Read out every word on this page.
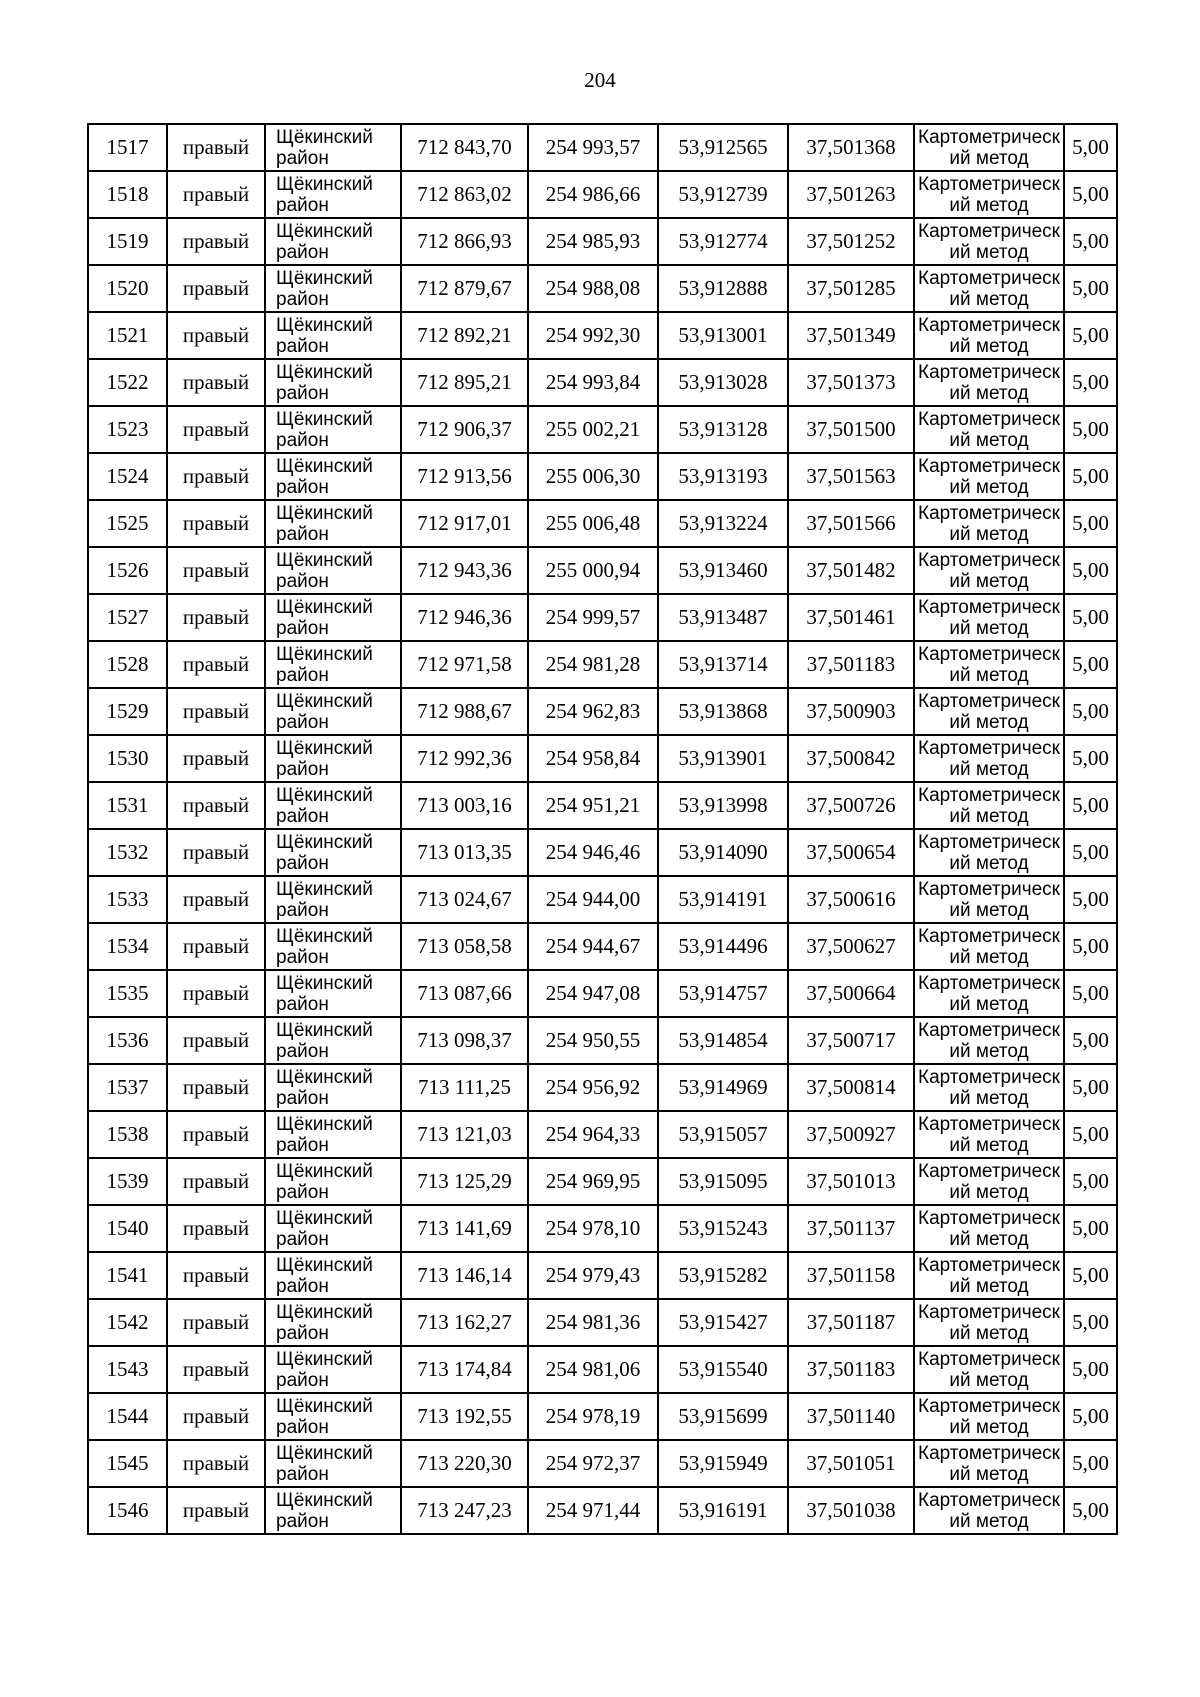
204
1517	правый	Щёкинский район	712 843,70	254 993,57	53,912565	37,501368	Картометрическ ий метод	5,00
1518	правый	Щёкинский район	712 863,02	254 986,66	53,912739	37,501263	Картометрическ ий метод	5,00
1519	правый	Щёкинский район	712 866,93	254 985,93	53,912774	37,501252	Картометрическ ий метод	5,00
1520	правый	Щёкинский район	712 879,67	254 988,08	53,912888	37,501285	Картометрическ ий метод	5,00
1521	правый	Щёкинский район	712 892,21	254 992,30	53,913001	37,501349	Картометрическ ий метод	5,00
1522	правый	Щёкинский район	712 895,21	254 993,84	53,913028	37,501373	Картометрическ ий метод	5,00
1523	правый	Щёкинский район	712 906,37	255 002,21	53,913128	37,501500	Картометрическ ий метод	5,00
1524	правый	Щёкинский район	712 913,56	255 006,30	53,913193	37,501563	Картометрическ ий метод	5,00
1525	правый	Щёкинский район	712 917,01	255 006,48	53,913224	37,501566	Картометрическ ий метод	5,00
1526	правый	Щёкинский район	712 943,36	255 000,94	53,913460	37,501482	Картометрическ ий метод	5,00
1527	правый	Щёкинский район	712 946,36	254 999,57	53,913487	37,501461	Картометрическ ий метод	5,00
1528	правый	Щёкинский район	712 971,58	254 981,28	53,913714	37,501183	Картометрическ ий метод	5,00
1529	правый	Щёкинский район	712 988,67	254 962,83	53,913868	37,500903	Картометрическ ий метод	5,00
1530	правый	Щёкинский район	712 992,36	254 958,84	53,913901	37,500842	Картометрическ ий метод	5,00
1531	правый	Щёкинский район	713 003,16	254 951,21	53,913998	37,500726	Картометрическ ий метод	5,00
1532	правый	Щёкинский район	713 013,35	254 946,46	53,914090	37,500654	Картометрическ ий метод	5,00
1533	правый	Щёкинский район	713 024,67	254 944,00	53,914191	37,500616	Картометрическ ий метод	5,00
1534	правый	Щёкинский район	713 058,58	254 944,67	53,914496	37,500627	Картометрическ ий метод	5,00
1535	правый	Щёкинский район	713 087,66	254 947,08	53,914757	37,500664	Картометрическ ий метод	5,00
1536	правый	Щёкинский район	713 098,37	254 950,55	53,914854	37,500717	Картометрическ ий метод	5,00
1537	правый	Щёкинский район	713 111,25	254 956,92	53,914969	37,500814	Картометрическ ий метод	5,00
1538	правый	Щёкинский район	713 121,03	254 964,33	53,915057	37,500927	Картометрическ ий метод	5,00
1539	правый	Щёкинский район	713 125,29	254 969,95	53,915095	37,501013	Картометрическ ий метод	5,00
1540	правый	Щёкинский район	713 141,69	254 978,10	53,915243	37,501137	Картометрическ ий метод	5,00
1541	правый	Щёкинский район	713 146,14	254 979,43	53,915282	37,501158	Картометрическ ий метод	5,00
1542	правый	Щёкинский район	713 162,27	254 981,36	53,915427	37,501187	Картометрическ ий метод	5,00
1543	правый	Щёкинский район	713 174,84	254 981,06	53,915540	37,501183	Картометрическ ий метод	5,00
1544	правый	Щёкинский район	713 192,55	254 978,19	53,915699	37,501140	Картометрическ ий метод	5,00
1545	правый	Щёкинский район	713 220,30	254 972,37	53,915949	37,501051	Картометрическ ий метод	5,00
1546	правый	Щёкинский район	713 247,23	254 971,44	53,916191	37,501038	Картометрическ ий метод	5,00
